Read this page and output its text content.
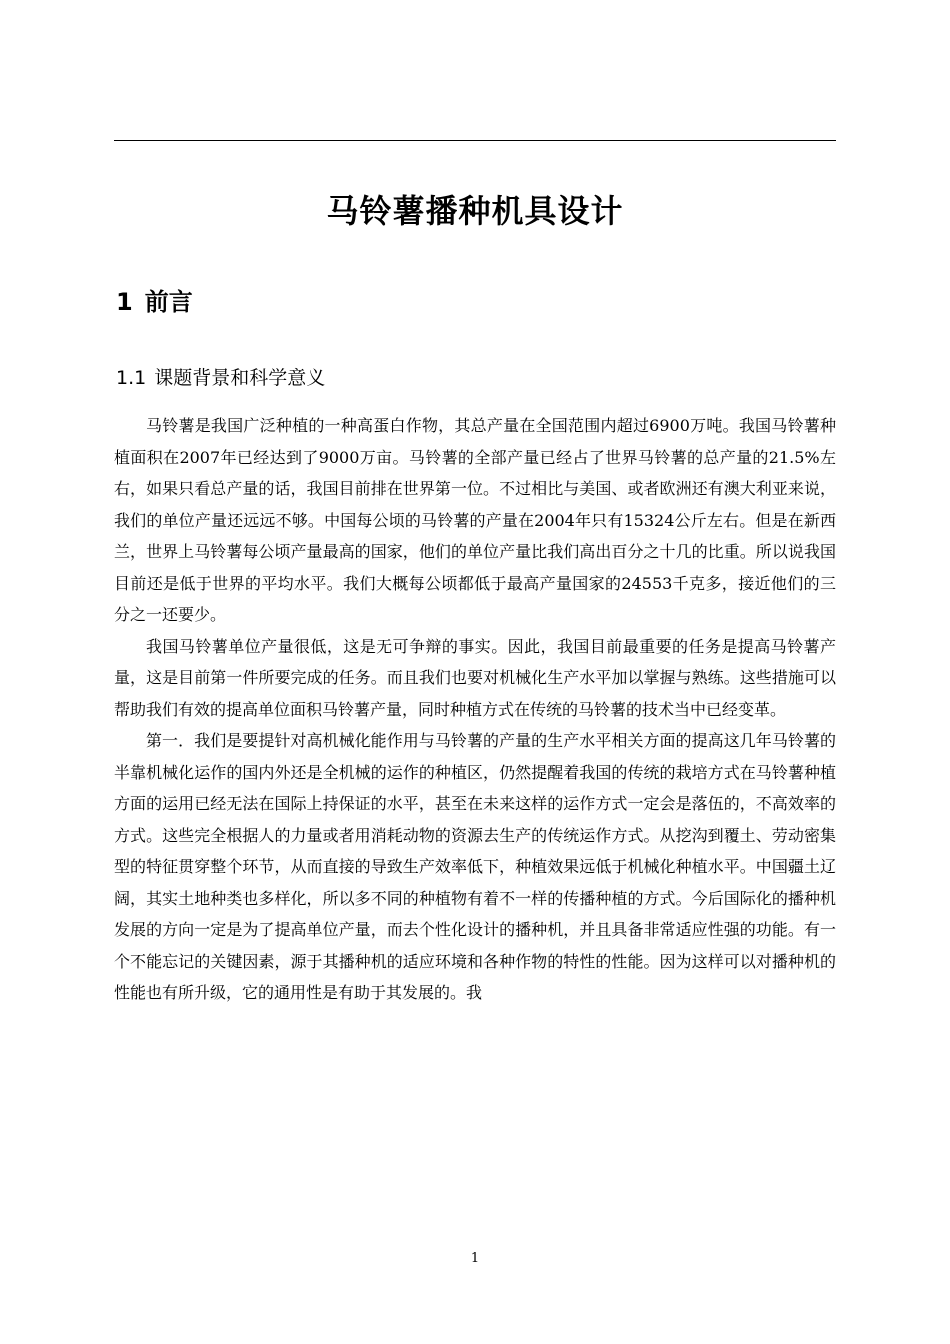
马铃薯播种机具设计
1 前言
1.1 课题背景和科学意义

马铃薯是我国广泛种植的一种高蛋白作物，其总产量在全国范围内超过6900万吨。我国马铃薯种植面积在2007年已经达到了9000万亩。马铃薯的全部产量已经占了世界马铃薯的总产量的21.5%左右，如果只看总产量的话，我国目前排在世界第一位。不过相比与美国、或者欧洲还有澳大利亚来说，我们的单位产量还远远不够。中国每公顷的马铃薯的产量在2004年只有15324公斤左右。但是在新西兰，世界上马铃薯每公顷产量最高的国家，他们的单位产量比我们高出百分之十几的比重。所以说我国目前还是低于世界的平均水平。我们大概每公顷都低于最高产量国家的24553千克多，接近他们的三分之一还要少。

我国马铃薯单位产量很低，这是无可争辩的事实。因此，我国目前最重要的任务是提高马铃薯产量，这是目前第一件所要完成的任务。而且我们也要对机械化生产水平加以掌握与熟练。这些措施可以帮助我们有效的提高单位面积马铃薯产量，同时种植方式在传统的马铃薯的技术当中已经变革。

第一．我们是要提针对高机械化能作用与马铃薯的产量的生产水平相关方面的提高这几年马铃薯的半靠机械化运作的国内外还是全机械的运作的种植区，仍然提醒着我国的传统的栽培方式在马铃薯种植方面的运用已经无法在国际上持保证的水平，甚至在未来这样的运作方式一定会是落伍的，不高效率的方式。这些完全根据人的力量或者用消耗动物的资源去生产的传统运作方式。从挖沟到覆土、劳动密集型的特征贯穿整个环节，从而直接的导致生产效率低下，种植效果远低于机械化种植水平。中国疆土辽阔，其实土地种类也多样化，所以多不同的种植物有着不一样的传播种植的方式。今后国际化的播种机发展的方向一定是为了提高单位产量，而去个性化设计的播种机，并且具备非常适应性强的功能。有一个不能忘记的关键因素，源于其播种机的适应环境和各种作物的特性的性能。因为这样可以对播种机的性能也有所升级，它的通用性是有助于其发展的。我

1
